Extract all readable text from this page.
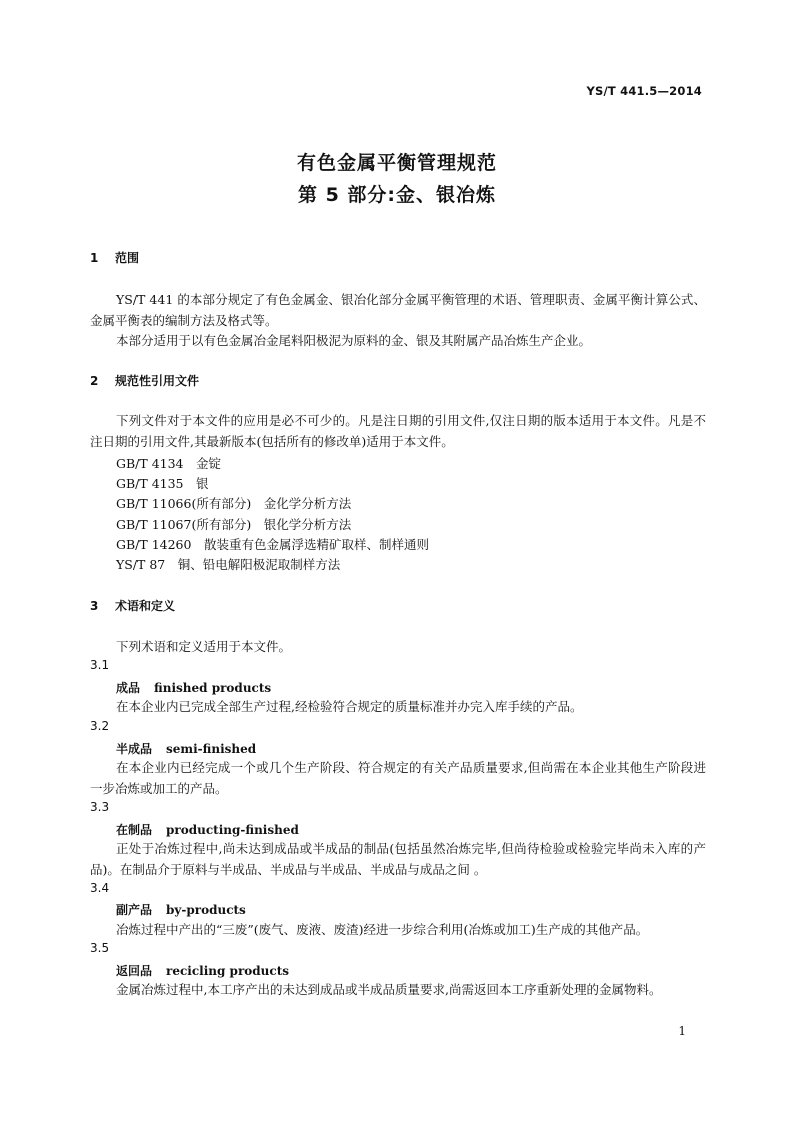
YS/T 441.5—2014
有色金属平衡管理规范
第 5 部分:金、银冶炼
1 范围
YS/T 441 的本部分规定了有色金属金、银冶化部分金属平衡管理的术语、管理职责、金属平衡计算公式、金属平衡表的编制方法及格式等。
本部分适用于以有色金属冶金尾料阳极泥为原料的金、银及其附属产品冶炼生产企业。
2 规范性引用文件
下列文件对于本文件的应用是必不可少的。凡是注日期的引用文件,仅注日期的版本适用于本文件。凡是不注日期的引用文件,其最新版本(包括所有的修改单)适用于本文件。
GB/T 4134　金锭
GB/T 4135　银
GB/T 11066(所有部分)　金化学分析方法
GB/T 11067(所有部分)　银化学分析方法
GB/T 14260　散装重有色金属浮选精矿取样、制样通则
YS/T 87　铜、铅电解阳极泥取制样方法
3 术语和定义
下列术语和定义适用于本文件。
3.1
成品 finished products
在本企业内已完成全部生产过程,经检验符合规定的质量标准并办完入库手续的产品。
3.2
半成品 semi-finished
在本企业内已经完成一个或几个生产阶段、符合规定的有关产品质量要求,但尚需在本企业其他生产阶段进一步冶炼或加工的产品。
3.3
在制品 producting-finished
正处于冶炼过程中,尚未达到成品或半成品的制品(包括虽然冶炼完毕,但尚待检验或检验完毕尚未入库的产品)。在制品介于原料与半成品、半成品与半成品、半成品与成品之间 。
3.4
副产品 by-products
冶炼过程中产出的“三废”(废气、废液、废渣)经进一步综合利用(冶炼或加工)生产成的其他产品。
3.5
返回品 recicling products
金属冶炼过程中,本工序产出的未达到成品或半成品质量要求,尚需返回本工序重新处理的金属物料。
1
